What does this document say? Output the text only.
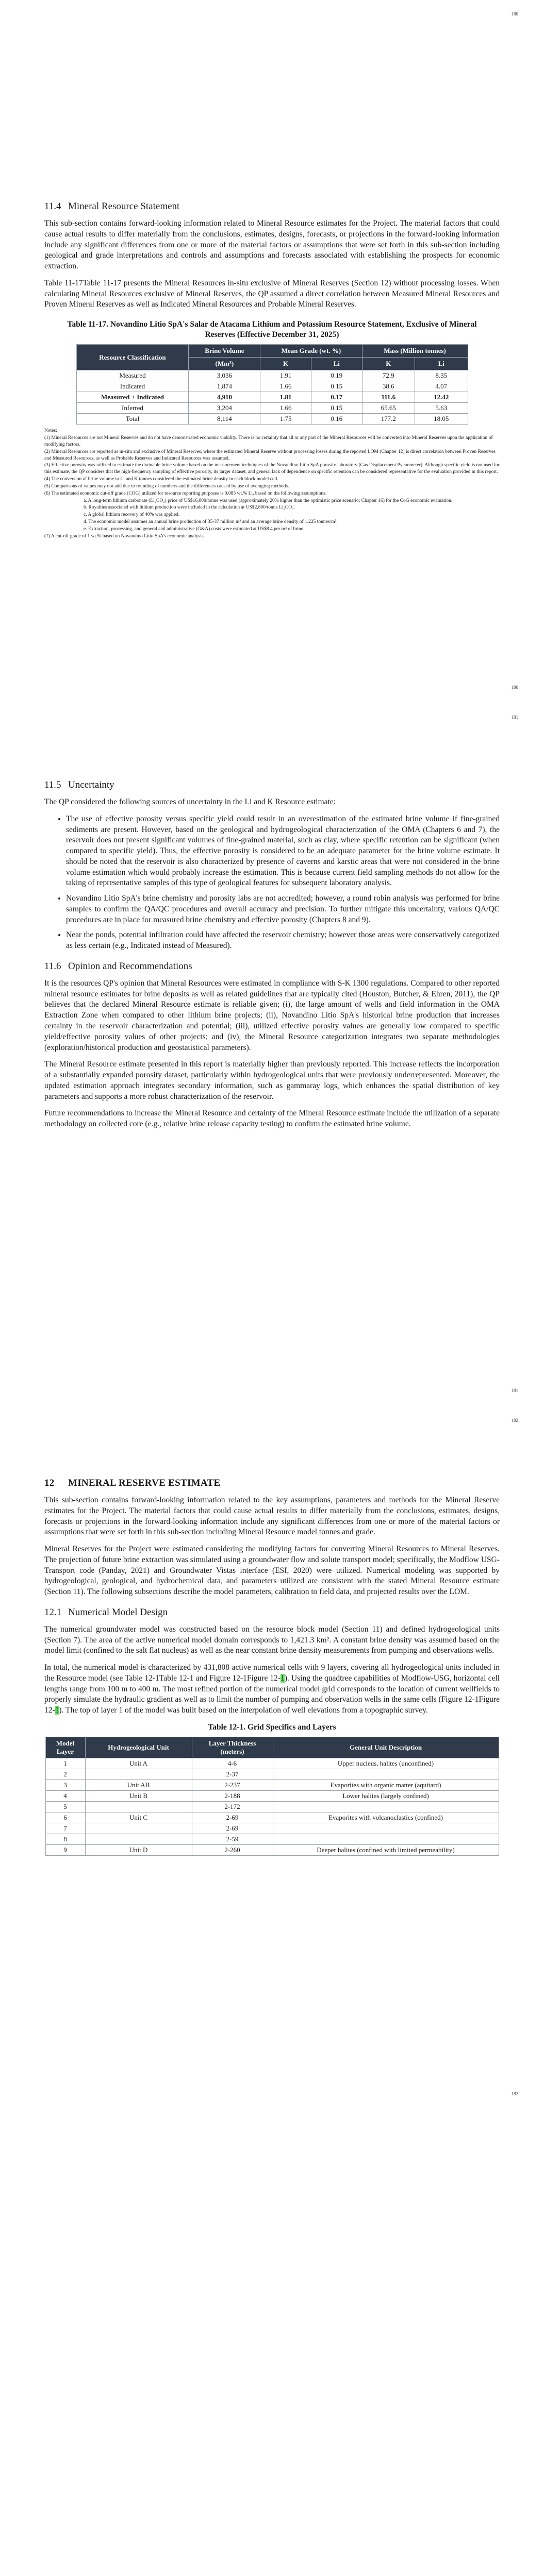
180
11.4 Mineral Resource Statement

This sub-section contains forward-looking information related to Mineral Resource estimates for the Project. The material factors that could cause actual results to differ materially from the conclusions, estimates, designs, forecasts, or projections in the forward-looking information include any significant differences from one or more of the material factors or assumptions that were set forth in this sub-section including geological and grade interpretations and controls and assumptions and forecasts associated with establishing the prospects for economic extraction.

Table 11-17Table 11-17 presents the Mineral Resources in-situ exclusive of Mineral Reserves (Section 12) without processing losses. When calculating Mineral Resources exclusive of Mineral Reserves, the QP assumed a direct correlation between Measured Mineral Resources and Proven Mineral Reserves as well as Indicated Mineral Resources and Probable Mineral Reserves.

Table 11-17. Novandino Litio SpA's Salar de Atacama Lithium and Potassium Resource Statement, Exclusive of Mineral Reserves (Effective December 31, 2025)
Resource Classification	Brine Volume	Mean Grade (wt. %)		Mass (Million tonnes)	
	(Mm³)	K	Li	K	Li
Measured	3,036	1.91	0.19	72.9	8.35
Indicated	1,874	1.66	0.15	38.6	4.07
Measured + Indicated	4,910	1.81	0.17	111.6	12.42
Inferred	3,204	1.66	0.15	65.65	5.63
Total	8,114	1.75	0.16	177.2	18.05
Notes:
(1) Mineral Resources are not Mineral Reserves and do not have demonstrated economic viability. There is no certainty that all or any part of the Mineral Resources will be converted into Mineral Reserves upon the application of modifying factors.
(2) Mineral Resources are reported as in-situ and exclusive of Mineral Reserves, where the estimated Mineral Reserve without processing losses during the reported LOM (Chapter 12) is direct correlation between Proven Reserves and Measured Resources, as well as Probable Reserves and Indicated Resources was assumed.
(3) Effective porosity was utilized to estimate the drainable brine volume based on the measurement techniques of the Novandino Litio SpA porosity laboratory (Gas Displacement Pycnometer). Although specific yield is not used for this estimate, the QP considers that the high-frequency sampling of effective porosity, its larger dataset, and general lack of dependence on specific retention can be considered representative for the evaluation provided in this report.
(4) The conversion of brine volume to Li and K tonnes considered the estimated brine density in each block model cell.
(5) Comparisons of values may not add due to rounding of numbers and the differences caused by use of averaging methods.
(6) The estimated economic cut-off grade (COG) utilized for resource reporting purposes is 0.085 wt.% Li, based on the following assumptions:
a. A long-term lithium carbonate (Li₂CO₃) price of US$16,000/tonne was used (approximately 20% higher than the optimistic price scenario; Chapter 16) for the CoG economic evaluation.
b. Royalties associated with lithium production were included in the calculation at US$2,800/tonne Li₂CO₃.
c. A global lithium recovery of 40% was applied.
d. The economic model assumes an annual brine production of 35-37 million m³ and an average brine density of 1.225 tonnes/m³.
e. Extraction, processing, and general and administrative (G&A) costs were estimated at US$8.4 per m³ of brine.
(7) A cut-off grade of 1 wt.% based on Novandino Litio SpA's economic analysis.
180
181
11.5 Uncertainty

The QP considered the following sources of uncertainty in the Li and K Resource estimate:

• The use of effective porosity versus specific yield could result in an overestimation of the estimated brine volume if fine-grained sediments are present. However, based on the geological and hydrogeological characterization of the OMA (Chapters 6 and 7), the reservoir does not present significant volumes of fine-grained material, such as clay, where specific retention can be significant (when compared to specific yield). Thus, the effective porosity is considered to be an adequate parameter for the brine volume estimate. It should be noted that the reservoir is also characterized by presence of caverns and karstic areas that were not considered in the brine volume estimation which would probably increase the estimation. This is because current field sampling methods do not allow for the taking of representative samples of this type of geological features for subsequent laboratory analysis.
• Novandino Litio SpA's brine chemistry and porosity labs are not accredited; however, a round robin analysis was performed for brine samples to confirm the QA/QC procedures and overall accuracy and precision. To further mitigate this uncertainty, various QA/QC procedures are in place for measured brine chemistry and effective porosity (Chapters 8 and 9).
• Near the ponds, potential infiltration could have affected the reservoir chemistry; however those areas were conservatively categorized as less certain (e.g., Indicated instead of Measured).
11.6 Opinion and Recommendations

It is the resources QP's opinion that Mineral Resources were estimated in compliance with S-K 1300 regulations. Compared to other reported mineral resource estimates for brine deposits as well as related guidelines that are typically cited (Houston, Butcher, & Ehren, 2011), the QP believes that the declared Mineral Resource estimate is reliable given; (i), the large amount of wells and field information in the OMA Extraction Zone when compared to other lithium brine projects; (ii), Novandino Litio SpA's historical brine production that increases certainty in the reservoir characterization and potential; (iii), utilized effective porosity values are generally low compared to specific yield/effective porosity values of other projects; and (iv), the Mineral Resource categorization integrates two separate methodologies (exploration/historical production and geostatistical parameters).

The Mineral Resource estimate presented in this report is materially higher than previously reported. This increase reflects the incorporation of a substantially expanded porosity dataset, particularly within hydrogeological units that were previously underrepresented. Moreover, the updated estimation approach integrates secondary information, such as gammaray logs, which enhances the spatial distribution of key parameters and supports a more robust characterization of the reservoir.

Future recommendations to increase the Mineral Resource and certainty of the Mineral Resource estimate include the utilization of a separate methodology on collected core (e.g., relative brine release capacity testing) to confirm the estimated brine volume.

181
182
12 MINERAL RESERVE ESTIMATE

This sub-section contains forward-looking information related to the key assumptions, parameters and methods for the Mineral Reserve estimates for the Project. The material factors that could cause actual results to differ materially from the conclusions, estimates, designs, forecasts or projections in the forward-looking information include any significant differences from one or more of the material factors or assumptions that were set forth in this sub-section including Mineral Resource model tonnes and grade.

Mineral Reserves for the Project were estimated considering the modifying factors for converting Mineral Resources to Mineral Reserves. The projection of future brine extraction was simulated using a groundwater flow and solute transport model; specifically, the Modflow USG-Transport code (Panday, 2021) and Groundwater Vistas interface (ESI, 2020) were utilized. Numerical modeling was supported by hydrogeological, geological, and hydrochemical data, and parameters utilized are consistent with the stated Mineral Resource estimate (Section 11). The following subsections describe the model parameters, calibration to field data, and projected results over the LOM.

12.1 Numerical Model Design

The numerical groundwater model was constructed based on the resource block model (Section 11) and defined hydrogeological units (Section 7). The area of the active numerical model domain corresponds to 1,421.3 km². A constant brine density was assumed based on the model limit (confined to the salt flat nucleus) as well as the near constant brine density measurements from pumping and observations wells.

In total, the numerical model is characterized by 431,808 active numerical cells with 9 layers, covering all hydrogeological units included in the Resource model (see Table 12-1Table 12-1 and Figure 12-1Figure 12-1). Using the quadtree capabilities of Modflow-USG, horizontal cell lengths range from 100 m to 400 m. The most refined portion of the numerical model grid corresponds to the location of current wellfields to properly simulate the hydraulic gradient as well as to limit the number of pumping and observation wells in the same cells (Figure 12-1Figure 12-1). The top of layer 1 of the model was built based on the interpolation of well elevations from a topographic survey.

Table 12-1. Grid Specifics and Layers
Model Layer	Hydrogeological Unit	Layer Thickness (meters)	General Unit Description
1	Unit A	4-6	Upper nucleus, halites (unconfined)
2		2-37	
3	Unit AB	2-237	Evaporites with organic matter (aquitard)
4	Unit B	2-188	Lower halites (largely confined)
5		2-172	
6	Unit C	2-69	Evaporites with volcanoclastics (confined)
7		2-69	
8		2-59	
9	Unit D	2-260	Deeper halites (confined with limited permeability)
182
